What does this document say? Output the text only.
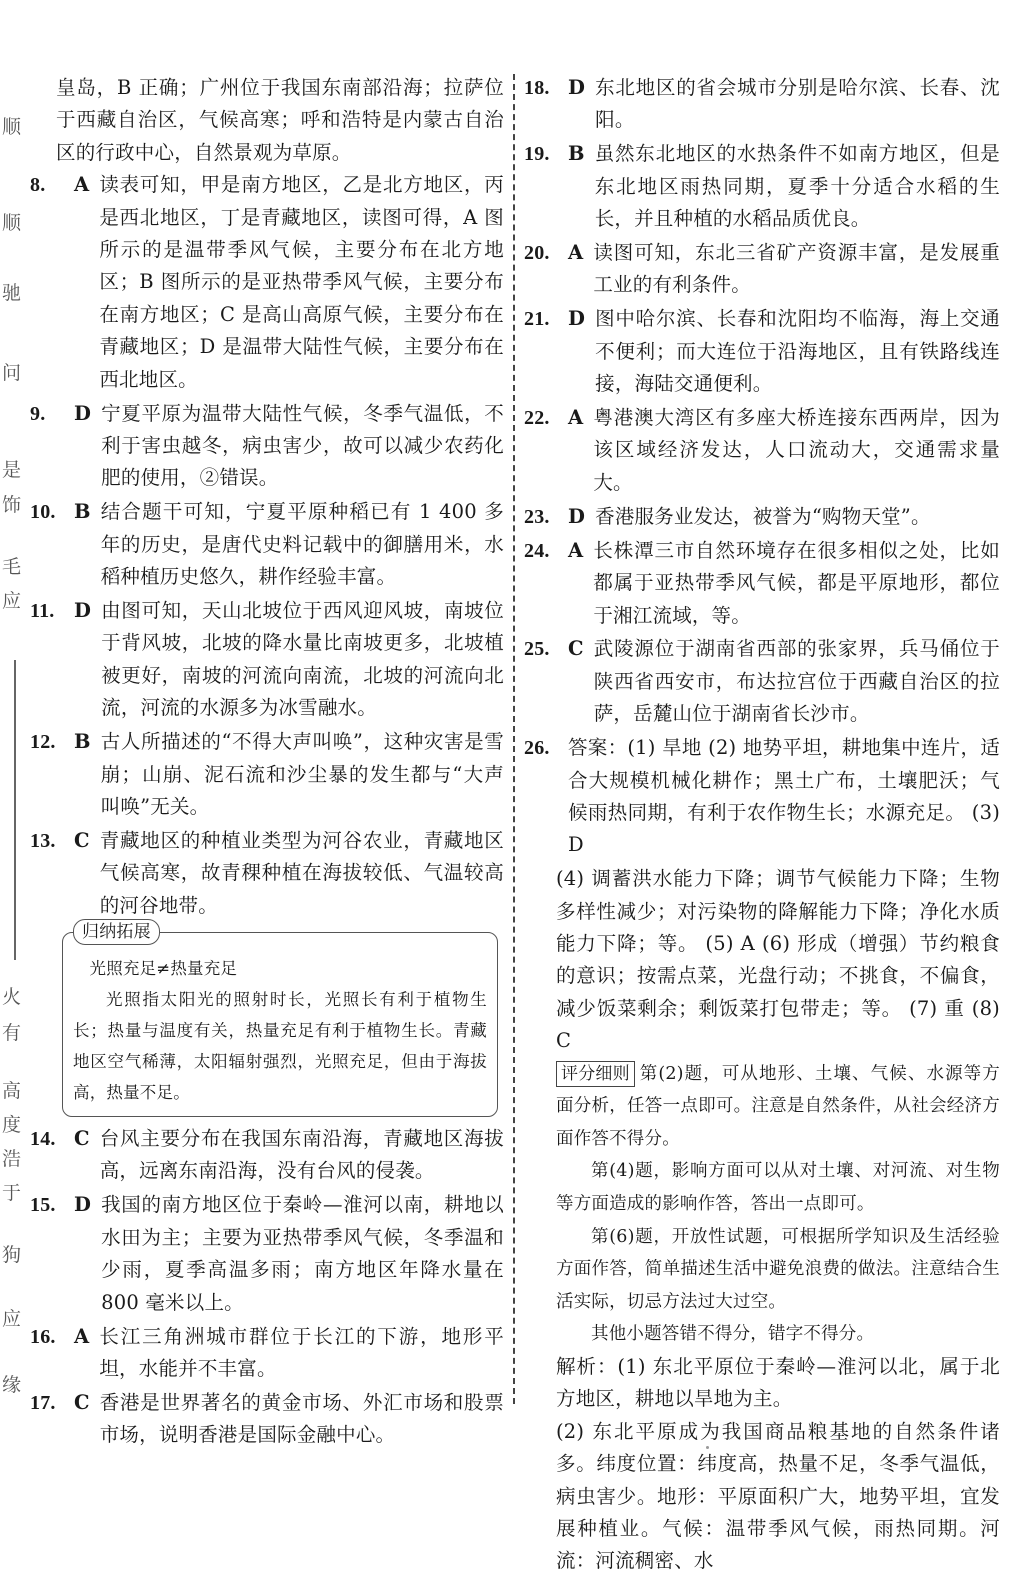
顺
顺
驰
问
是
饰
毛
应
火
有
高
度
浩
于
狗
应
缘
皇岛，B 正确；广州位于我国东南部沿海；拉萨位于西藏自治区，气候高寒；呼和浩特是内蒙古自治区的行政中心，自然景观为草原。
8.	A 读表可知，甲是南方地区，乙是北方地区，丙是西北地区，丁是青藏地区，读图可得，A 图所示的是温带季风气候，主要分布在北方地区；B 图所示的是亚热带季风气候，主要分布在南方地区；C 是高山高原气候，主要分布在青藏地区；D 是温带大陆性气候，主要分布在西北地区。
9.	D 宁夏平原为温带大陆性气候，冬季气温低，不利于害虫越冬，病虫害少，故可以减少农药化肥的使用，②错误。
10. B 结合题干可知，宁夏平原种稻已有 1 400 多年的历史，是唐代史料记载中的御膳用米，水稻种植历史悠久，耕作经验丰富。
11.	D 由图可知，天山北坡位于西风迎风坡，南坡位于背风坡，北坡的降水量比南坡更多，北坡植被更好，南坡的河流向南流，北坡的河流向北流，河流的水源多为冰雪融水。
12. B 古人所描述的“不得大声叫唤”，这种灾害是雪崩；山崩、泥石流和沙尘暴的发生都与“大声叫唤”无关。
13. C 青藏地区的种植业类型为河谷农业，青藏地区气候高寒，故青稞种植在海拔较低、气温较高的河谷地带。
归纳拓展

光照充足≠热量充足

光照指太阳光的照射时长，光照长有利于植物生长；热量与温度有关，热量充足有利于植物生长。青藏地区空气稀薄，太阳辐射强烈，光照充足，但由于海拔高，热量不足。

14. C 台风主要分布在我国东南沿海，青藏地区海拔高，远离东南沿海，没有台风的侵袭。
15. D 我国的南方地区位于秦岭—淮河以南，耕地以水田为主；主要为亚热带季风气候，冬季温和少雨，夏季高温多雨；南方地区年降水量在 800 毫米以上。
16. A 长江三角洲城市群位于长江的下游，地形平坦，水能并不丰富。
17. C 香港是世界著名的黄金市场、外汇市场和股票市场，说明香港是国际金融中心。
18. D 东北地区的省会城市分别是哈尔滨、长春、沈阳。
19. B 虽然东北地区的水热条件不如南方地区，但是东北地区雨热同期，夏季十分适合水稻的生长，并且种植的水稻品质优良。
20. A 读图可知，东北三省矿产资源丰富，是发展重工业的有利条件。
21. D 图中哈尔滨、长春和沈阳均不临海，海上交通不便利；而大连位于沿海地区，且有铁路线连接，海陆交通便利。
22. A 粤港澳大湾区有多座大桥连接东西两岸，因为该区域经济发达，人口流动大，交通需求量大。
23. D 香港服务业发达，被誉为“购物天堂”。
24. A 长株潭三市自然环境存在很多相似之处，比如都属于亚热带季风气候，都是平原地形，都位于湘江流域，等。
25. C 武陵源位于湖南省西部的张家界，兵马俑位于陕西省西安市，布达拉宫位于西藏自治区的拉萨，岳麓山位于湖南省长沙市。
26. 答案：(1) 旱地 (2) 地势平坦，耕地集中连片，适合大规模机械化耕作；黑土广布，土壤肥沃；气候雨热同期，有利于农作物生长；水源充足。 (3) D
(4) 调蓄洪水能力下降；调节气候能力下降；生物多样性减少；对污染物的降解能力下降；净化水质能力下降；等。 (5) A (6) 形成（增强）节约粮食的意识；按需点菜，光盘行动；不挑食，不偏食，减少饭菜剩余；剩饭菜打包带走；等。 (7) 重 (8) C
评分细则 第(2)题，可从地形、土壤、气候、水源等方面分析，任答一点即可。注意是自然条件，从社会经济方面作答不得分。

第(4)题，影响方面可以从对土壤、对河流、对生物等方面造成的影响作答，答出一点即可。

第(6)题，开放性试题，可根据所学知识及生活经验方面作答，简单描述生活中避免浪费的做法。注意结合生活实际，切忌方法过大过空。

其他小题答错不得分，错字不得分。

解析：(1) 东北平原位于秦岭—淮河以北，属于北方地区，耕地以旱地为主。
(2) 东北平原成为我国商品粮基地的自然条件诸多。纬度位置：纬度高，热量不足，冬季气温低，病虫害少。地形：平原面积广大，地势平坦，宜发展种植业。气候：温带季风气候，雨热同期。河流：河流稠密、水
